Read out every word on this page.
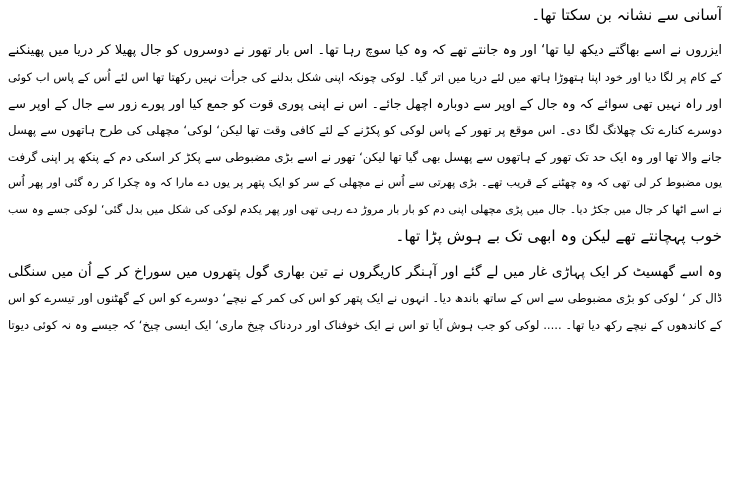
آسانی سے نشانہ بن سکتا تھا۔
ایزروں نے اسے بھاگتے دیکھ لیا تھا‘ اور وہ جانتے تھے کہ وہ کیا سوچ رہا تھا۔ اس بار تھور نے دوسروں کو جال پھیلا کر دریا میں پھینکنے
کے کام پر لگا دیا اور خود اپنا ہتھوڑا ہاتھ میں لئے دریا میں اتر گیا۔ لوکی چونکہ اپنی شکل بدلنے کی جرأت نہیں رکھتا تھا اس لئے اُس کے پاس اب کوئی
اور راہ نہیں تھی سوائے کہ وہ جال کے اوپر سے دوبارہ اچھل جائے۔ اس نے اپنی پوری قوت کو جمع کیا اور پورے زور سے جال کے اوپر سے
دوسرے کنارے تک چھلانگ لگا دی۔ اس موقع پر تھور کے پاس لوکی کو پکڑنے کے لئے کافی وقت تھا لیکن‘ لوکی‘ مچھلی کی طرح ہاتھوں سے پھسل
جانے والا تھا اور وہ ایک حد تک تھور کے ہاتھوں سے پھسل بھی گیا تھا لیکن‘ تھور نے اسے بڑی مضبوطی سے پکڑ کر اسکی دم کے پنکھ پر اپنی گرفت
یوں مضبوط کر لی تھی کہ وہ چھٹنے کے قریب تھے۔ بڑی پھرتی سے اُس نے مچھلی کے سر کو ایک پتھر پر یوں دے مارا کہ وہ چکرا کر رہ گئی اور پھر اُس
نے اسے اٹھا کر جال میں جکڑ دیا۔ جال میں پڑی مچھلی اپنی دم کو بار بار مروڑ دے رہی تھی اور پھر یکدم لوکی کی شکل میں بدل گئی‘ لوکی جسے وہ سب
خوب پہچانتے تھے لیکن وہ ابھی تک بے ہوش پڑا تھا۔
وہ اسے گھسیٹ کر ایک پہاڑی غار میں لے گئے اور آہنگر کاریگروں نے تین بھاری گول پتھروں میں سوراخ کر کے اُن میں سنگلی
ڈال کر ‘ لوکی کو بڑی مضبوطی سے اس کے ساتھ باندھ دیا۔ انہوں نے ایک پتھر کو اس کی کمر کے نیچے‘ دوسرے کو اس کے گھٹنوں اور تیسرے کو اس
کے کاندھوں کے نیچے رکھ دیا تھا۔ ..... لوکی کو جب ہوش آیا تو اس نے ایک خوفناک اور دردناک چیخ ماری‘ ایک ایسی چیخ‘ کہ جیسے وہ نہ کوئی دیوتا
